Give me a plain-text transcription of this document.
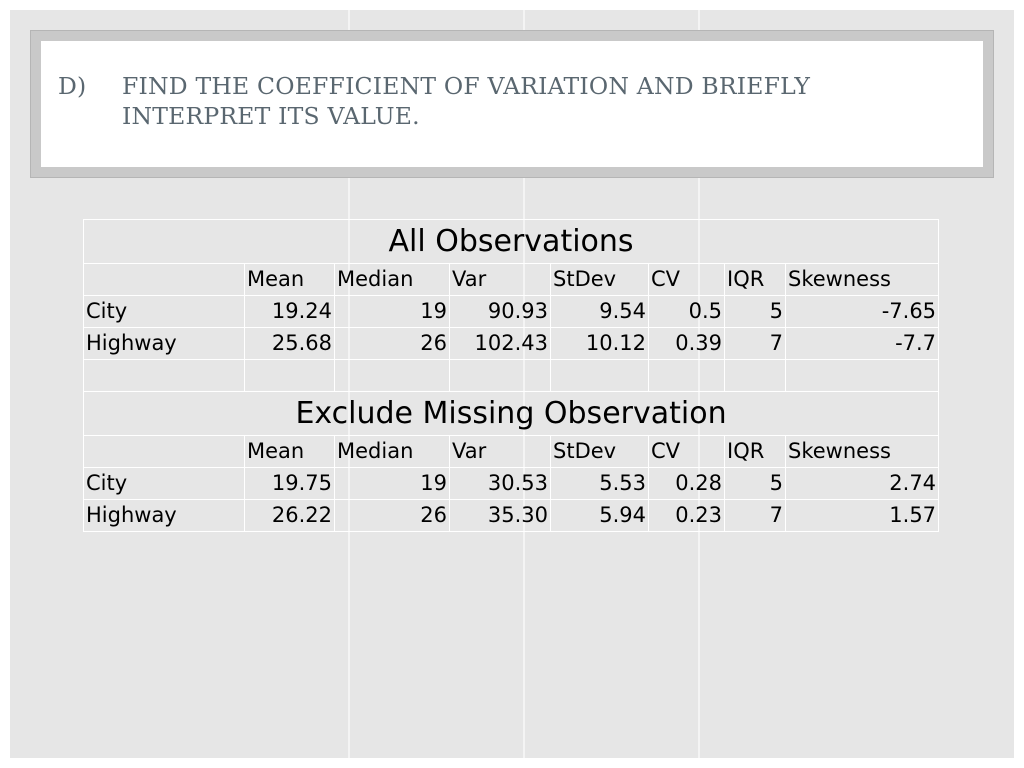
D)	FIND THE COEFFICIENT OF VARIATION AND BRIEFLY INTERPRET ITS VALUE.
All Observations							
	Mean	Median	Var	StDev	CV	IQR	Skewness
City	19.24	19	90.93	9.54	0.5	5	-7.65
Highway	25.68	26	102.43	10.12	0.39	7	-7.7

Exclude Missing Observation							
	Mean	Median	Var	StDev	CV	IQR	Skewness
City	19.75	19	30.53	5.53	0.28	5	2.74
Highway	26.22	26	35.30	5.94	0.23	7	1.57
